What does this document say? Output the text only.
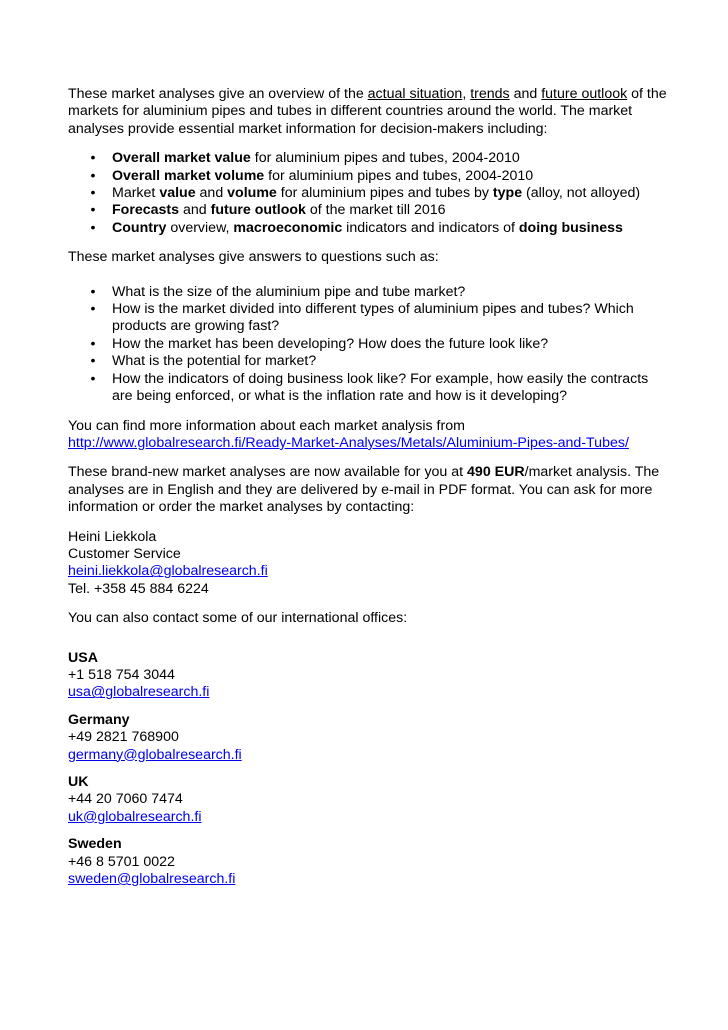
These market analyses give an overview of the actual situation, trends and future outlook of the markets for aluminium pipes and tubes in different countries around the world. The market analyses provide essential market information for decision-makers including:

• Overall market value for aluminium pipes and tubes, 2004-2010
• Overall market volume for aluminium pipes and tubes, 2004-2010
• Market value and volume for aluminium pipes and tubes by type (alloy, not alloyed)
• Forecasts and future outlook of the market till 2016
• Country overview, macroeconomic indicators and indicators of doing business

These market analyses give answers to questions such as:

• What is the size of the aluminium pipe and tube market?
• How is the market divided into different types of aluminium pipes and tubes? Which products are growing fast?
• How the market has been developing? How does the future look like?
• What is the potential for market?
• How the indicators of doing business look like? For example, how easily the contracts are being enforced, or what is the inflation rate and how is it developing?

You can find more information about each market analysis from

http://www.globalresearch.fi/Ready-Market-Analyses/Metals/Aluminium-Pipes-and-Tubes/

These brand-new market analyses are now available for you at 490 EUR/market analysis. The analyses are in English and they are delivered by e-mail in PDF format. You can ask for more information or order the market analyses by contacting:

Heini Liekkola

Customer Service

heini.liekkola@globalresearch.fi

Tel. +358 45 884 6224

You can also contact some of our international offices:

USA

+1 518 754 3044

usa@globalresearch.fi

Germany

+49 2821 768900

germany@globalresearch.fi

UK

+44 20 7060 7474

uk@globalresearch.fi

Sweden

+46 8 5701 0022

sweden@globalresearch.fi
